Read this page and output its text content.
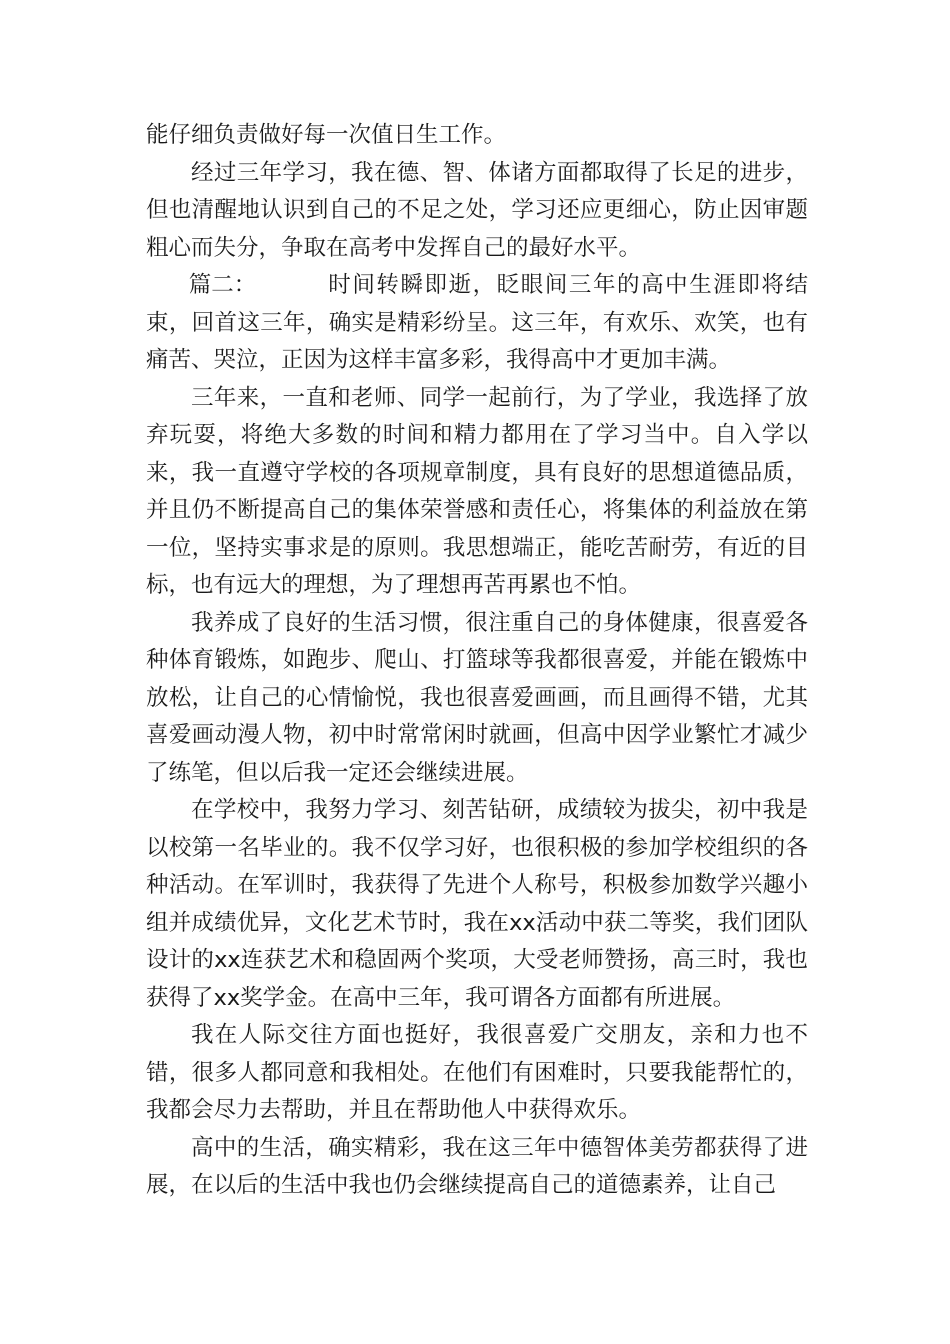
能仔细负责做好每一次值日生工作。

经过三年学习，我在德、智、体诸方面都取得了长足的进步，但也清醒地认识到自己的不足之处，学习还应更细心，防止因审题粗心而失分，争取在高考中发挥自己的最好水平。

篇二：	时间转瞬即逝，眨眼间三年的高中生涯即将结束，回首这三年，确实是精彩纷呈。这三年，有欢乐、欢笑，也有痛苦、哭泣，正因为这样丰富多彩，我得高中才更加丰满。

三年来，一直和老师、同学一起前行，为了学业，我选择了放弃玩耍，将绝大多数的时间和精力都用在了学习当中。自入学以来，我一直遵守学校的各项规章制度，具有良好的思想道德品质，并且仍不断提高自己的集体荣誉感和责任心，将集体的利益放在第一位，坚持实事求是的原则。我思想端正，能吃苦耐劳，有近的目标，也有远大的理想，为了理想再苦再累也不怕。

我养成了良好的生活习惯，很注重自己的身体健康，很喜爱各种体育锻炼，如跑步、爬山、打篮球等我都很喜爱，并能在锻炼中放松，让自己的心情愉悦，我也很喜爱画画，而且画得不错，尤其喜爱画动漫人物，初中时常常闲时就画，但高中因学业繁忙才减少了练笔，但以后我一定还会继续进展。

在学校中，我努力学习、刻苦钻研，成绩较为拔尖，初中我是以校第一名毕业的。我不仅学习好，也很积极的参加学校组织的各种活动。在军训时，我获得了先进个人称号，积极参加数学兴趣小组并成绩优异，文化艺术节时，我在xx活动中获二等奖，我们团队设计的xx连获艺术和稳固两个奖项，大受老师赞扬，高三时，我也获得了xx奖学金。在高中三年，我可谓各方面都有所进展。

我在人际交往方面也挺好，我很喜爱广交朋友，亲和力也不错，很多人都同意和我相处。在他们有困难时，只要我能帮忙的，我都会尽力去帮助，并且在帮助他人中获得欢乐。

高中的生活，确实精彩，我在这三年中德智体美劳都获得了进展，在以后的生活中我也仍会继续提高自己的道德素养，让自己
